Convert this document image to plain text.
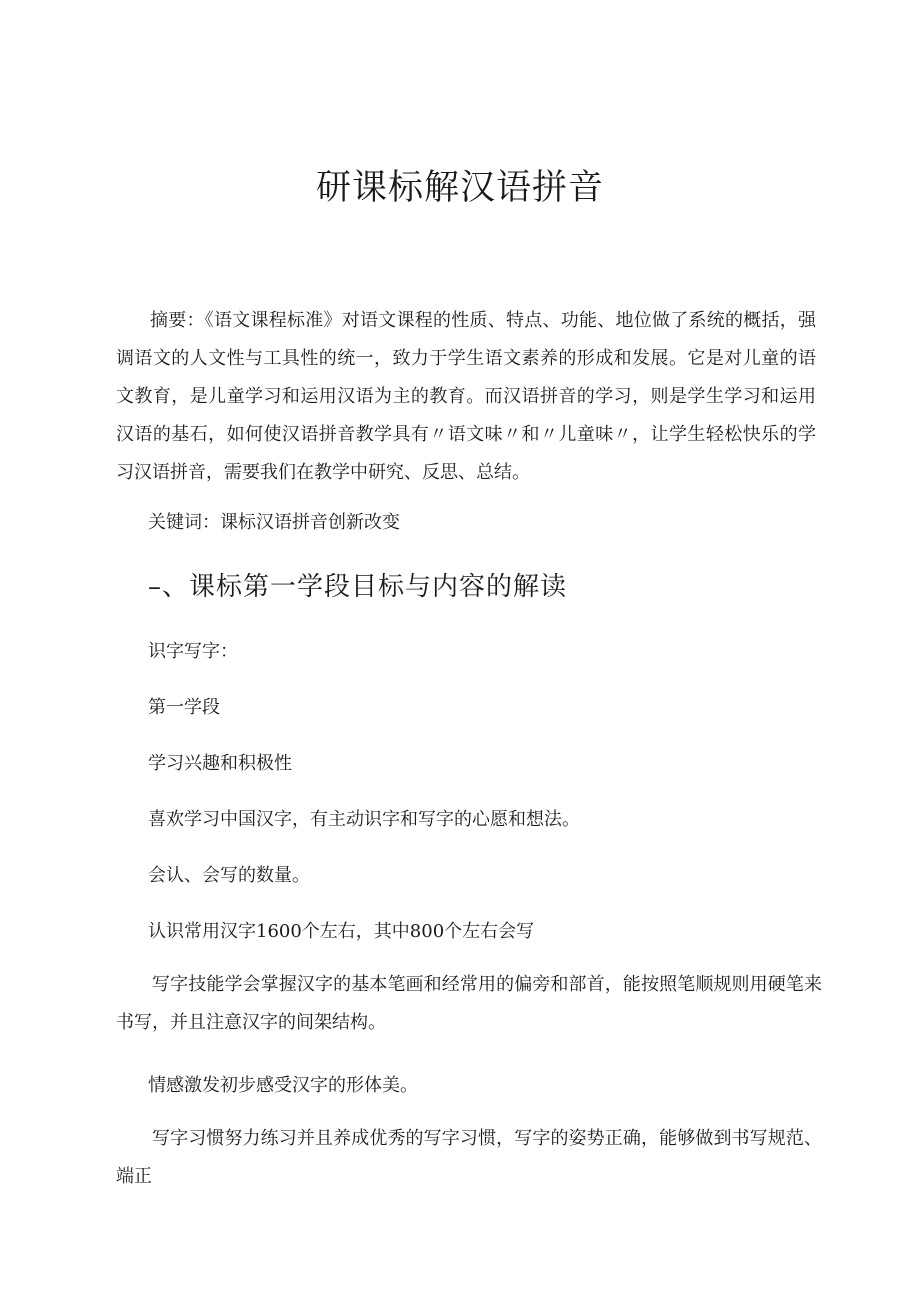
研课标解汉语拼音
摘要：《语文课程标准》对语文课程的性质、特点、功能、地位做了系统的概括，强调语文的人文性与工具性的统一，致力于学生语文素养的形成和发展。它是对儿童的语文教育，是儿童学习和运用汉语为主的教育。而汉语拼音的学习，则是学生学习和运用汉语的基石，如何使汉语拼音教学具有〃语文味〃和〃儿童味〃，让学生轻松快乐的学习汉语拼音，需要我们在教学中研究、反思、总结。
关键词：课标汉语拼音创新改变
–、课标第一学段目标与内容的解读
识字写字：
第一学段
学习兴趣和积极性
喜欢学习中国汉字，有主动识字和写字的心愿和想法。
会认、会写的数量。
认识常用汉字1600个左右，其中800个左右会写
写字技能学会掌握汉字的基本笔画和经常用的偏旁和部首，能按照笔顺规则用硬笔来书写，并且注意汉字的间架结构。
情感激发初步感受汉字的形体美。
写字习惯努力练习并且养成优秀的写字习惯，写字的姿势正确，能够做到书写规范、端正
